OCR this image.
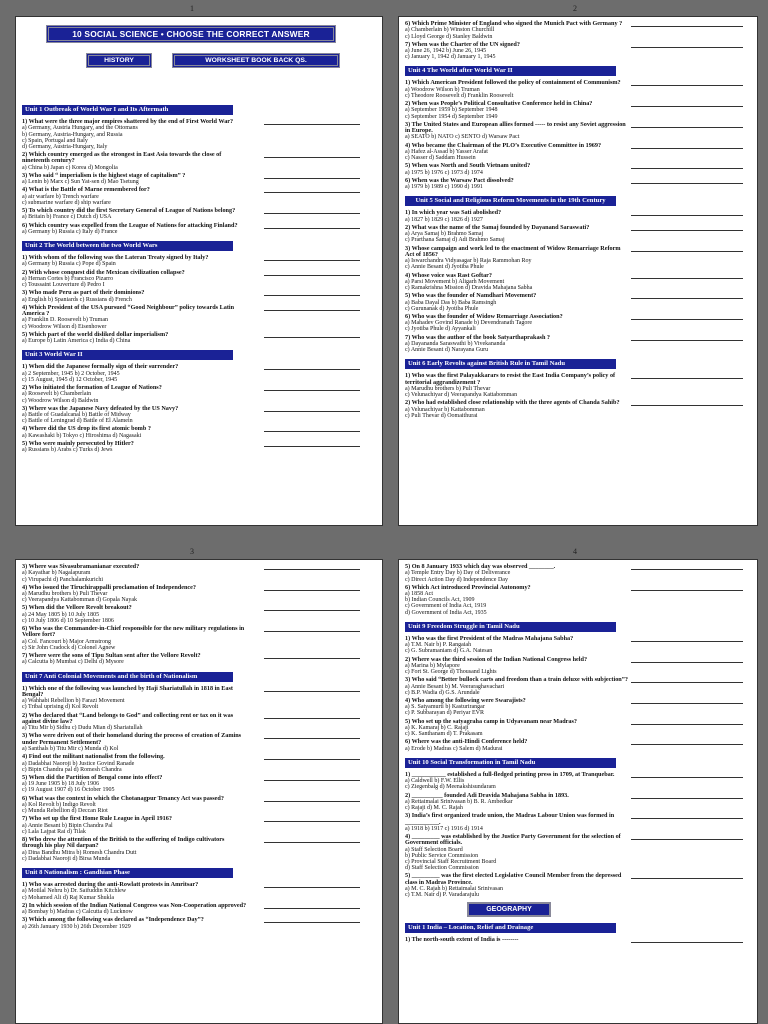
1	2
3	4
10 SOCIAL SCIENCE • CHOOSE THE CORRECT ANSWER
HISTORY	WORKSHEET BOOK BACK QS.
Unit 1 Outbreak of World War I and Its Aftermath
1) What were the three major empires shattered by the end of First World War?
a) Germany, Austria Hungary, and the Ottomans
b) Germany, Austria-Hungary, and Russia
c) Spain, Portugal and Italy
d) Germany, Austria-Hungary, Italy
2) Which country emerged as the strongest in East Asia towards the close of nineteenth century?
a) China b) Japan c) Korea d) Mongolia
3) Who said “ imperialism is the highest stage of capitalism” ?
a) Lenin b) Marx c) Sun Yat-sen d) Mao Tsetung
4) What is the Battle of Marne remembered for?
a) air warfare b) Trench warfare
c) submarine warfare d) ship warfare
5) To which country did the first Secretary General of League of Nations belong?
a) Britain b) France c) Dutch d) USA
6) Which country was expelled from the League of Nations for attacking Finland?
a) Germany b) Russia c) Italy d) France
Unit 2 The World between the two World Wars
1) With whom of the following was the Lateran Treaty signed by Italy?
a) Germany b) Russia c) Pope d) Spain
2) With whose conquest did the Mexican civilization collapse?
a) Hernan Cortes b) Francisco Pizarro
c) Toussaint Louverture d) Pedro I
3) Who made Peru as part of their dominions?
a) English b) Spaniards c) Russians d) French
4) Which President of the USA pursued “Good Neighbour” policy towards Latin America ?
a) Franklin D. Roosevelt b) Truman
c) Woodrow Wilson d) Eisenhower
5) Which part of the world disliked dollar imperialism?
a) Europe b) Latin America c) India d) China
Unit 3 World War II
1) When did the Japanese formally sign of their surrender?
a) 2 September, 1945 b) 2 October, 1945
c) 15 August, 1945 d) 12 October, 1945
2) Who initiated the formation of League of Nations?
a) Roosevelt b) Chamberlain
c) Woodrow Wilson d) Baldwin
3) Where was the Japanese Navy defeated by the US Navy?
a) Battle of Guadalcanal b) Battle of Midway
c) Battle of Leningrad d) Battle of El Alamein
4) Where did the US drop its first atomic bomb ?
a) Kawashaki b) Tokyo c) Hiroshima d) Nagasaki
5) Who were mainly persecuted by Hitler?
a) Russians b) Arabs c) Turks d) Jews
6) Which Prime Minister of England who signed the Munich Pact with Germany ?
a) Chamberlain b) Winston Churchill
c) Lloyd George d) Stanley Baldwin
7) When was the Charter of the UN signed?
a) June 26, 1942 b) June 26, 1945
c) January 1, 1942 d) January 1, 1945
Unit 4 The World after World War II
1) Which American President followed the policy of containment of Communism?
a) Woodrow Wilson b) Truman
c) Theodore Roosevelt d) Franklin Roosevelt
2) When was People’s Political Consultative Conference held in China?
a) September 1959 b) September 1948
c) September 1954 d) September 1949
3) The United States and European allies formed ----- to resist any Soviet aggression in Europe.
a) SEATO b) NATO c) SENTO d) Warsaw Pact
4) Who became the Chairman of the PLO’s Executive Committee in 1969?
a) Hafez al-Assad b) Yasser Arafat
c) Nasser d) Saddam Hussein
5) When was North and South Vietnam united?
a) 1975 b) 1976 c) 1973 d) 1974
6) When was the Warsaw Pact dissolved?
a) 1979 b) 1989 c) 1990 d) 1991
Unit 5 Social and Religious Reform Movements in the 19th Century
1) In which year was Sati abolished?
a) 1827 b) 1829 c) 1826 d) 1927
2) What was the name of the Samaj founded by Dayanand Saraswati?
a) Arya Samaj b) Brahmo Samaj
c) Prarthana Samaj d) Adi Brahmo Samaj
3) Whose campaign and work led to the enactment of Widow Remarriage Reform Act of 1856?
a) Iswarchandra Vidyasagar b) Raja Rammohan Roy
c) Annie Besant d) Jyotiba Phule
4) Whose voice was Rast Goftar?
a) Parsi Movement b) Aligarh Movement
c) Ramakrishna Mission d) Dravida Mahajana Sabha
5) Who was the founder of Namdhari Movement?
a) Baba Dayal Das b) Baba Ramsingh
c) Gurunanak d) Jyotiba Phule
6) Who was the founder of Widow Remarriage Association?
a) Mahadev Govind Ranade b) Devendranath Tagore
c) Jyotiba Phule d) Ayyankali
7) Who was the author of the book Satyarthaprakash ?
a) Dayananda Saraswathi b) Vivekananda
c) Annie Besant d) Narayana Guru
Unit 6 Early Revolts against British Rule in Tamil Nadu
1) Who was the first Palayakkarars to resist the East India Company’s policy of territorial aggrandizement ?
a) Marudhu brothers b) Puli Thevar
c) Velunachiyar d) Veerapandya Kattabomman
2) Who had established close relationship with the three agents of Chanda Sahib?
a) Velunachiyar b) Kattabomman
c) Puli Thevar d) Oomaithurai
3) Where was Sivasubramanianar executed?
a) Kayathar b) Nagalapuram
c) Virupachi d) Panchalamkurichi
4) Who issued the Tiruchirappalli proclamation of Independence?
a) Marudhu brothers b) Puli Thevar
c) Veerapandya Kattabomman d) Gopala Nayak
5) When did the Vellore Revolt breakout?
a) 24 May 1805 b) 10 July 1805
c) 10 July 1806 d) 10 September 1806
6) Who was the Commander-in-Chief responsible for the new military regulations in Vellore fort?
a) Col. Fancourt b) Major Armstrong
c) Sir John Cradock d) Colonel Agnew
7) Where were the sons of Tipu Sultan sent after the Vellore Revolt?
a) Calcutta b) Mumbai c) Delhi d) Mysore
Unit 7 Anti Colonial Movements and the birth of Nationalism
1) Which one of the following was launched by Haji Shariatullah in 1818 in East Bengal?
a) Wahhabi Rebellion b) Farazi Movement
c) Tribal uprising d) Kol Revolt
2) Who declared that “Land belongs to God” and collecting rent or tax on it was against divine law?
a) Titu Mir b) Sidhu c) Dudu Mian d) Shariatullah
3) Who were driven out of their homeland during the process of creation of Zamins under Permanent Settlement?
a) Santhals b) Titu Mir c) Munda d) Kol
4) Find out the militant nationalist from the following.
a) Dadabhai Naoroji b) Justice Govind Ranade
c) Bipin Chandra pal d) Romesh Chandra
5) When did the Partition of Bengal come into effect?
a) 19 June 1905 b) 18 July 1906
c) 19 August 1907 d) 16 October 1905
6) What was the context in which the Chotanagpur Tenancy Act was passed?
a) Kol Revolt b) Indigo Revolt
c) Munda Rebellion d) Deccan Riot
7) Who set up the first Home Rule League in April 1916?
a) Annie Besant b) Bipin Chandra Pal
c) Lala Lajpat Rai d) Tilak
8) Who drew the attention of the British to the suffering of Indigo cultivators through his play Nil darpan?
a) Dina Bandhu Mitra b) Romesh Chandra Dutt
c) Dadabhai Naoroji d) Birsa Munda
Unit 8 Nationalism : Gandhian Phase
1) Who was arrested during the anti-Rowlatt protests in Amritsar?
a) Motilal Nehru b) Dr. Saifuddin Kitchlew
c) Mohamed Ali d) Raj Kumar Shukla
2) In which session of the Indian National Congress was Non-Cooperation approved?
a) Bombay b) Madras c) Calcutta d) Lucknow
3) Which among the following was declared as “Independence Day”?
a) 26th January 1930 b) 26th December 1929
5) On 8 January 1933 which day was observed ________.
a) Temple Entry Day b) Day of Deliverance
c) Direct Action Day d) Independence Day
6) Which Act introduced Provincial Autonomy?
a) 1858 Act
b) Indian Councils Act, 1909
c) Government of India Act, 1919
d) Government of India Act, 1935
Unit 9 Freedom Struggle in Tamil Nadu
1) Who was the first President of the Madras Mahajana Sabha?
a) T.M. Nair b) P. Rangaiah
c) G. Subramaniam d) G.A. Natesan
2) Where was the third session of the Indian National Congress held?
a) Marina b) Mylapore
c) Fort St. George d) Thousand Lights
3) Who said “Better bullock carts and freedom than a train deluxe with subjection”?
a) Annie Besant b) M. Veeraraghavachari
c) B.P. Wadia d) G.S. Arundale
4) Who among the following were Swarajists?
a) S. Satyamurti b) Kasturirangar
c) P. Subbarayan d) Periyar EVR
5) Who set up the satyagraha camp in Udyavanam near Madras?
a) K. Kamaraj b) C. Rajaji
c) K. Santhanam d) T. Prakasam
6) Where was the anti-Hindi Conference held?
a) Erode b) Madras c) Salem d) Madurai
Unit 10 Social Transformation in Tamil Nadu
1) ___________ established a full-fledged printing press in 1709, at Tranquebar.
a) Caldwell b) F.W. Ellis
c) Ziegenbalg d) Meenakshisundaram
2) __________ founded Adi Dravida Mahajana Sabha in 1893.
a) Rettaimalai Srinivasan b) B. R. Ambedkar
c) Rajaji d) M. C. Rajah
3) India’s first organized trade union, the Madras Labour Union was formed in ___________.
a) 1918 b) 1917 c) 1916 d) 1914
4) _________ was established by the Justice Party Government for the selection of Government officials.
a) Staff Selection Board
b) Public Service Commission
c) Provincial Staff Recruitment Board
d) Staff Selection Commission
5) _________ was the first elected Legislative Council Member from the depressed class in Madras Province.
a) M. C. Rajah b) Rettaimalai Srinivasan
c) T.M. Nair d) P. Varadarajulu
GEOGRAPHY
Unit 1 India – Location, Relief and Drainage
1) The north-south extent of India is --------
